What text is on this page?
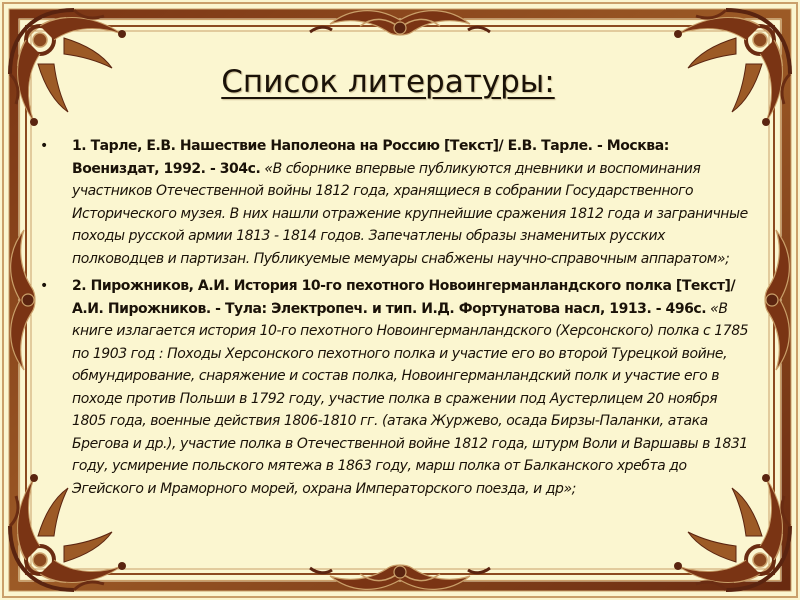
Список литературы:
• 1. Тарле, Е.В. Нашествие Наполеона на Россию [Текст]/ Е.В. Тарле. - Москва: Воениздат, 1992. - 304с. «В сборнике впервые публикуются дневники и воспоминания участников Отечественной войны 1812 года, хранящиеся в собрании Государственного Исторического музея. В них нашли отражение крупнейшие сражения 1812 года и заграничные походы русской армии 1813 - 1814 годов. Запечатлены образы знаменитых русских полководцев и партизан. Публикуемые мемуары снабжены научно-справочным аппаратом»;
• 2. Пирожников, А.И. История 10-го пехотного Новоингерманландского полка [Текст]/А.И. Пирожников. - Тула: Электропеч. и тип. И.Д. Фортунатова насл, 1913. - 496с. «В книге излагается история 10-го пехотного Новоингерманландского (Херсонского) полка с 1785 по 1903 год : Походы Херсонского пехотного полка и участие его во второй Турецкой войне, обмундирование, снаряжение и состав полка, Новоингерманландский полк и участие его в походе против Польши в 1792 году, участие полка в сражении под Аустерлицем 20 ноября 1805 года, военные действия 1806-1810 гг. (атака Журжево, осада Бирзы-Паланки, атака Брегова и др.), участие полка в Отечественной войне 1812 года, штурм Воли и Варшавы в 1831 году, усмирение польского мятежа в 1863 году, марш полка от Балканского хребта до Эгейского и Мраморного морей, охрана Императорского поезда, и др»;
